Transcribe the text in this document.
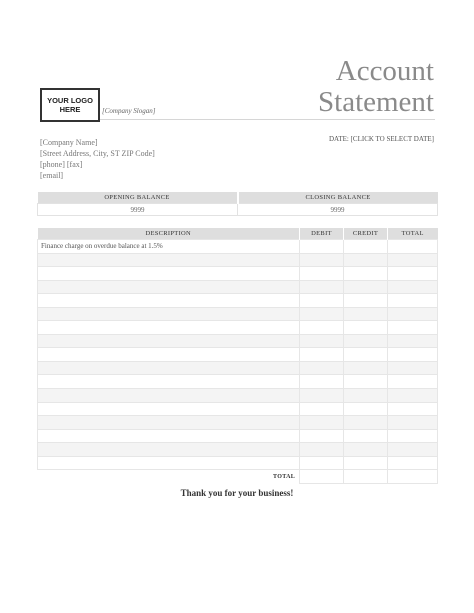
YOUR LOGO HERE	[Company Slogan]
Account
Statement
DATE: [CLICK TO SELECT DATE]
[Company Name]
[Street Address, City, ST ZIP Code]
[phone] [fax]
[email]
OPENING BALANCE	CLOSING BALANCE
9999	9999
DESCRIPTION	DEBIT	CREDIT	TOTAL
Finance charge on overdue balance at 1.5%			

TOTAL			
Thank you for your business!
